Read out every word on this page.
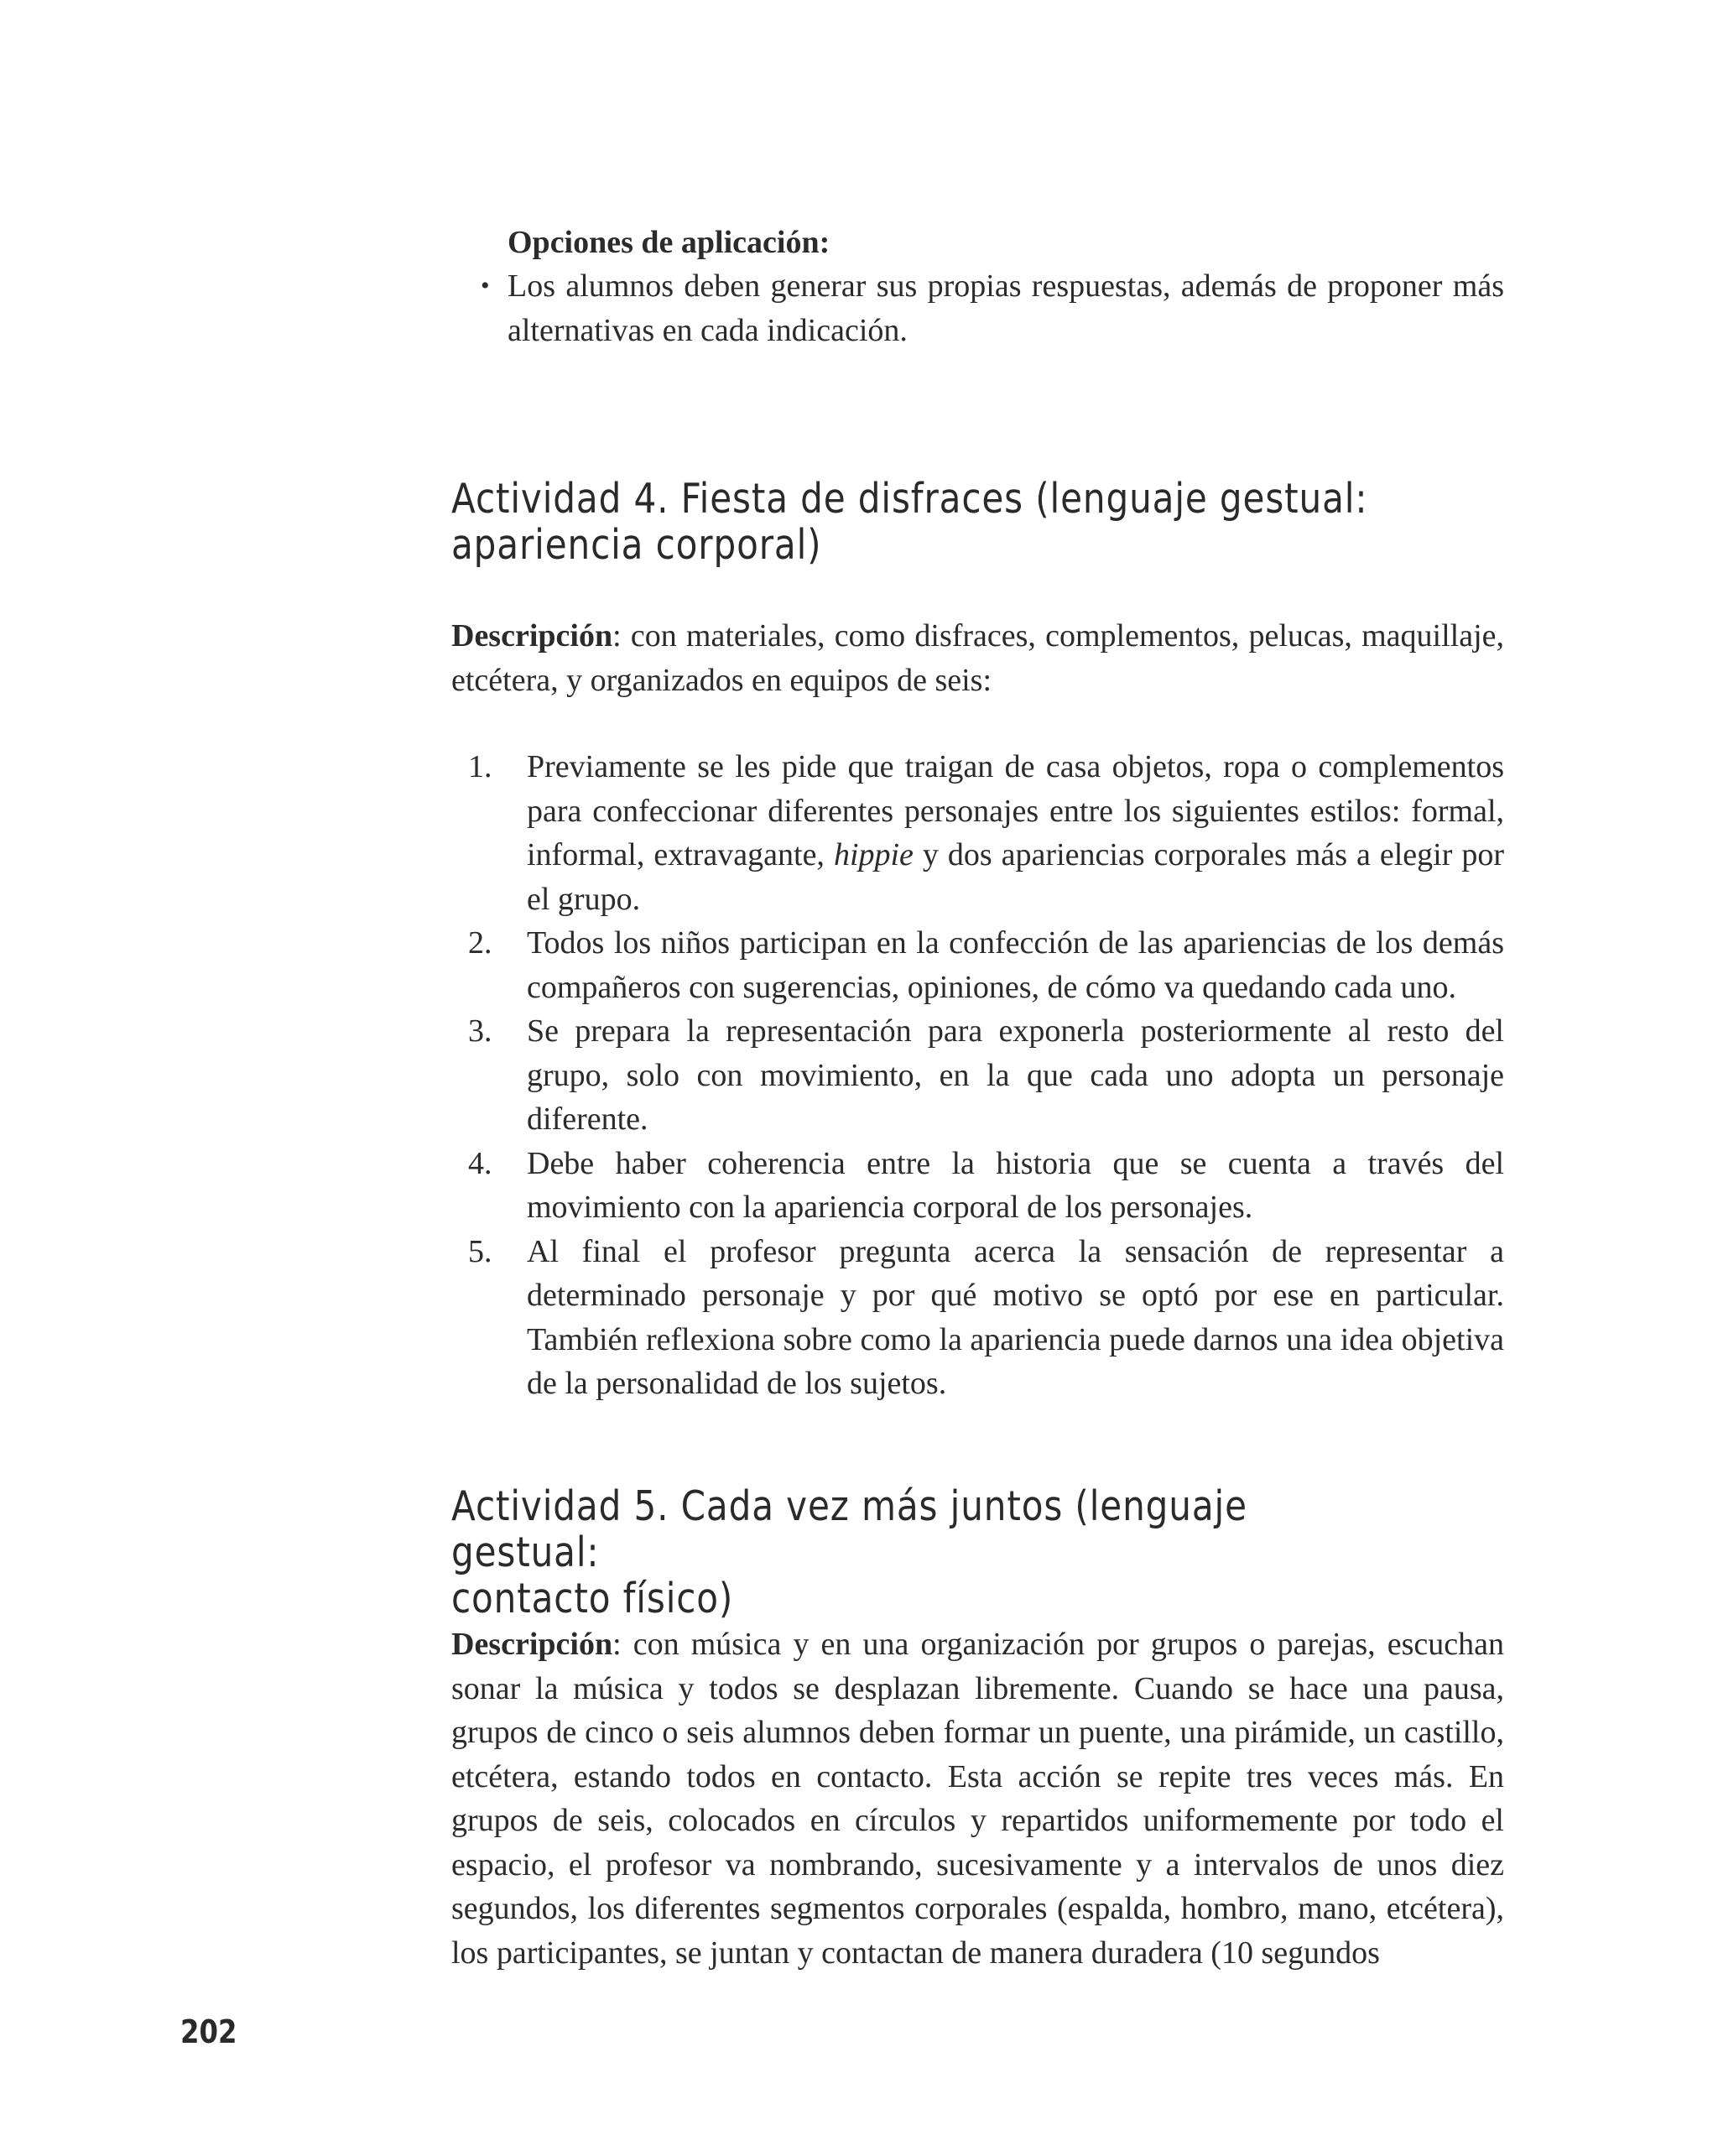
Opciones de aplicación:
• Los alumnos deben generar sus propias respuestas, además de proponer más alternativas en cada indicación.
Actividad 4. Fiesta de disfraces (lenguaje gestual:
apariencia corporal)
Descripción: con materiales, como disfraces, complementos, pelucas, maquillaje, etcétera, y organizados en equipos de seis:
1. Previamente se les pide que traigan de casa objetos, ropa o complementos para confeccionar diferentes personajes entre los siguientes estilos: formal, informal, extravagante, hippie y dos apariencias corporales más a elegir por el grupo.
2. Todos los niños participan en la confección de las apariencias de los demás compañeros con sugerencias, opiniones, de cómo va quedando cada uno.
3. Se prepara la representación para exponerla posteriormente al resto del grupo, solo con movimiento, en la que cada uno adopta un personaje diferente.
4. Debe haber coherencia entre la historia que se cuenta a través del movimiento con la apariencia corporal de los personajes.
5. Al final el profesor pregunta acerca la sensación de representar a determinado personaje y por qué motivo se optó por ese en particular. También reflexiona sobre como la apariencia puede darnos una idea objetiva de la personalidad de los sujetos.
Actividad 5. Cada vez más juntos (lenguaje gestual:
contacto físico)
Descripción: con música y en una organización por grupos o parejas, escuchan sonar la música y todos se desplazan libremente. Cuando se hace una pausa, grupos de cinco o seis alumnos deben formar un puente, una pirámide, un castillo, etcétera, estando todos en contacto. Esta acción se repite tres veces más. En grupos de seis, colocados en círculos y repartidos uniformemente por todo el espacio, el profesor va nombrando, sucesivamente y a intervalos de unos diez segundos, los diferentes segmentos corporales (espalda, hombro, mano, etcétera), los participantes, se juntan y contactan de manera duradera (10 segundos
202
